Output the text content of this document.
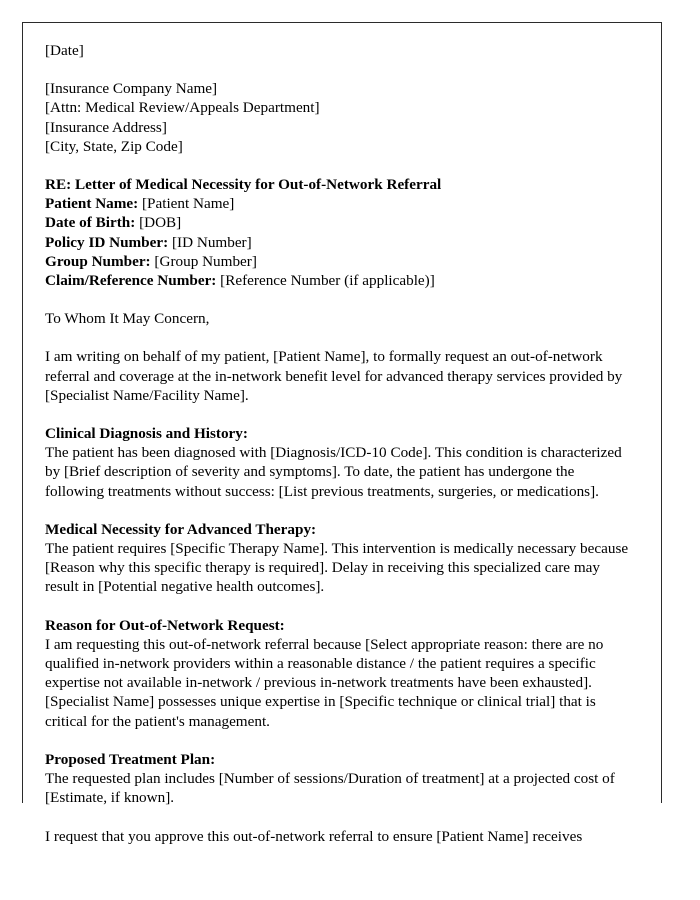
[Date]
[Insurance Company Name]
[Attn: Medical Review/Appeals Department]
[Insurance Address]
[City, State, Zip Code]
RE: Letter of Medical Necessity for Out-of-Network Referral
Patient Name: [Patient Name]
Date of Birth: [DOB]
Policy ID Number: [ID Number]
Group Number: [Group Number]
Claim/Reference Number: [Reference Number (if applicable)]
To Whom It May Concern,

I am writing on behalf of my patient, [Patient Name], to formally request an out-of-network referral and coverage at the in-network benefit level for advanced therapy services provided by [Specialist Name/Facility Name].

Clinical Diagnosis and History:

The patient has been diagnosed with [Diagnosis/ICD-10 Code]. This condition is characterized by [Brief description of severity and symptoms]. To date, the patient has undergone the following treatments without success: [List previous treatments, surgeries, or medications].

Medical Necessity for Advanced Therapy:

The patient requires [Specific Therapy Name]. This intervention is medically necessary because [Reason why this specific therapy is required]. Delay in receiving this specialized care may result in [Potential negative health outcomes].

Reason for Out-of-Network Request:

I am requesting this out-of-network referral because [Select appropriate reason: there are no qualified in-network providers within a reasonable distance / the patient requires a specific expertise not available in-network / previous in-network treatments have been exhausted]. [Specialist Name] possesses unique expertise in [Specific technique or clinical trial] that is critical for the patient's management.

Proposed Treatment Plan:

The requested plan includes [Number of sessions/Duration of treatment] at a projected cost of [Estimate, if known].

I request that you approve this out-of-network referral to ensure [Patient Name] receives
